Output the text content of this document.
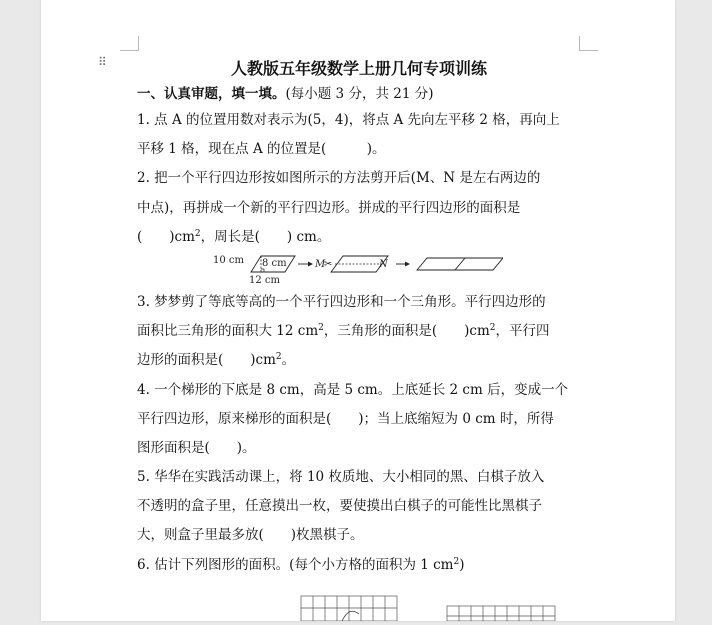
⠿	人教版五年级数学上册几何专项训练
一、认真审题，填一填。(每小题 3 分，共 21 分)
1. 点 A 的位置用数对表示为(5，4)，将点 A 先向左平移 2 格，再向上
平移 1 格，现在点 A 的位置是(　　　)。
2. 把一个平行四边形按如图所示的方法剪开后(M、N 是左右两边的
中点)，再拼成一个新的平行四边形。拼成的平行四边形的面积是
(　　)$cm^2$，周长是(　　) cm。
10 cm 8 cm
12 cm
M
✂	N
3. 梦梦剪了等底等高的一个平行四边形和一个三角形。平行四边形的
面积比三角形的面积大 12 $cm^2$，三角形的面积是(　　)$cm^2$，平行四
边形的面积是(　　)$cm^2$。
4. 一个梯形的下底是 8 cm，高是 5 cm。上底延长 2 cm 后，变成一个
平行四边形，原来梯形的面积是(　　)；当上底缩短为 0 cm 时，所得
图形面积是(　　)。
5. 华华在实践活动课上，将 10 枚质地、大小相同的黑、白棋子放入
不透明的盒子里，任意摸出一枚，要使摸出白棋子的可能性比黑棋子
大，则盒子里最多放(　　)枚黑棋子。
6. 估计下列图形的面积。(每个小方格的面积为 1 $cm^2$)
